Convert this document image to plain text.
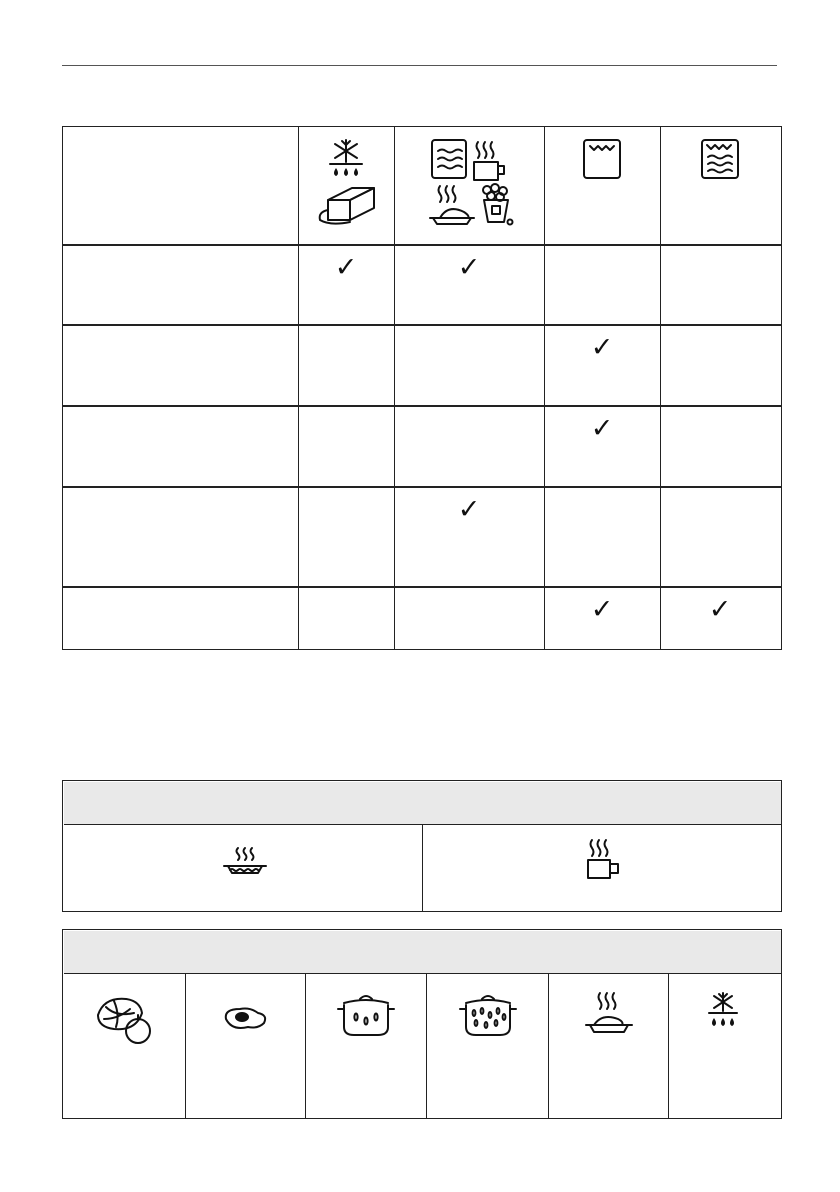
✓	✓
✓
✓
✓
✓	✓
